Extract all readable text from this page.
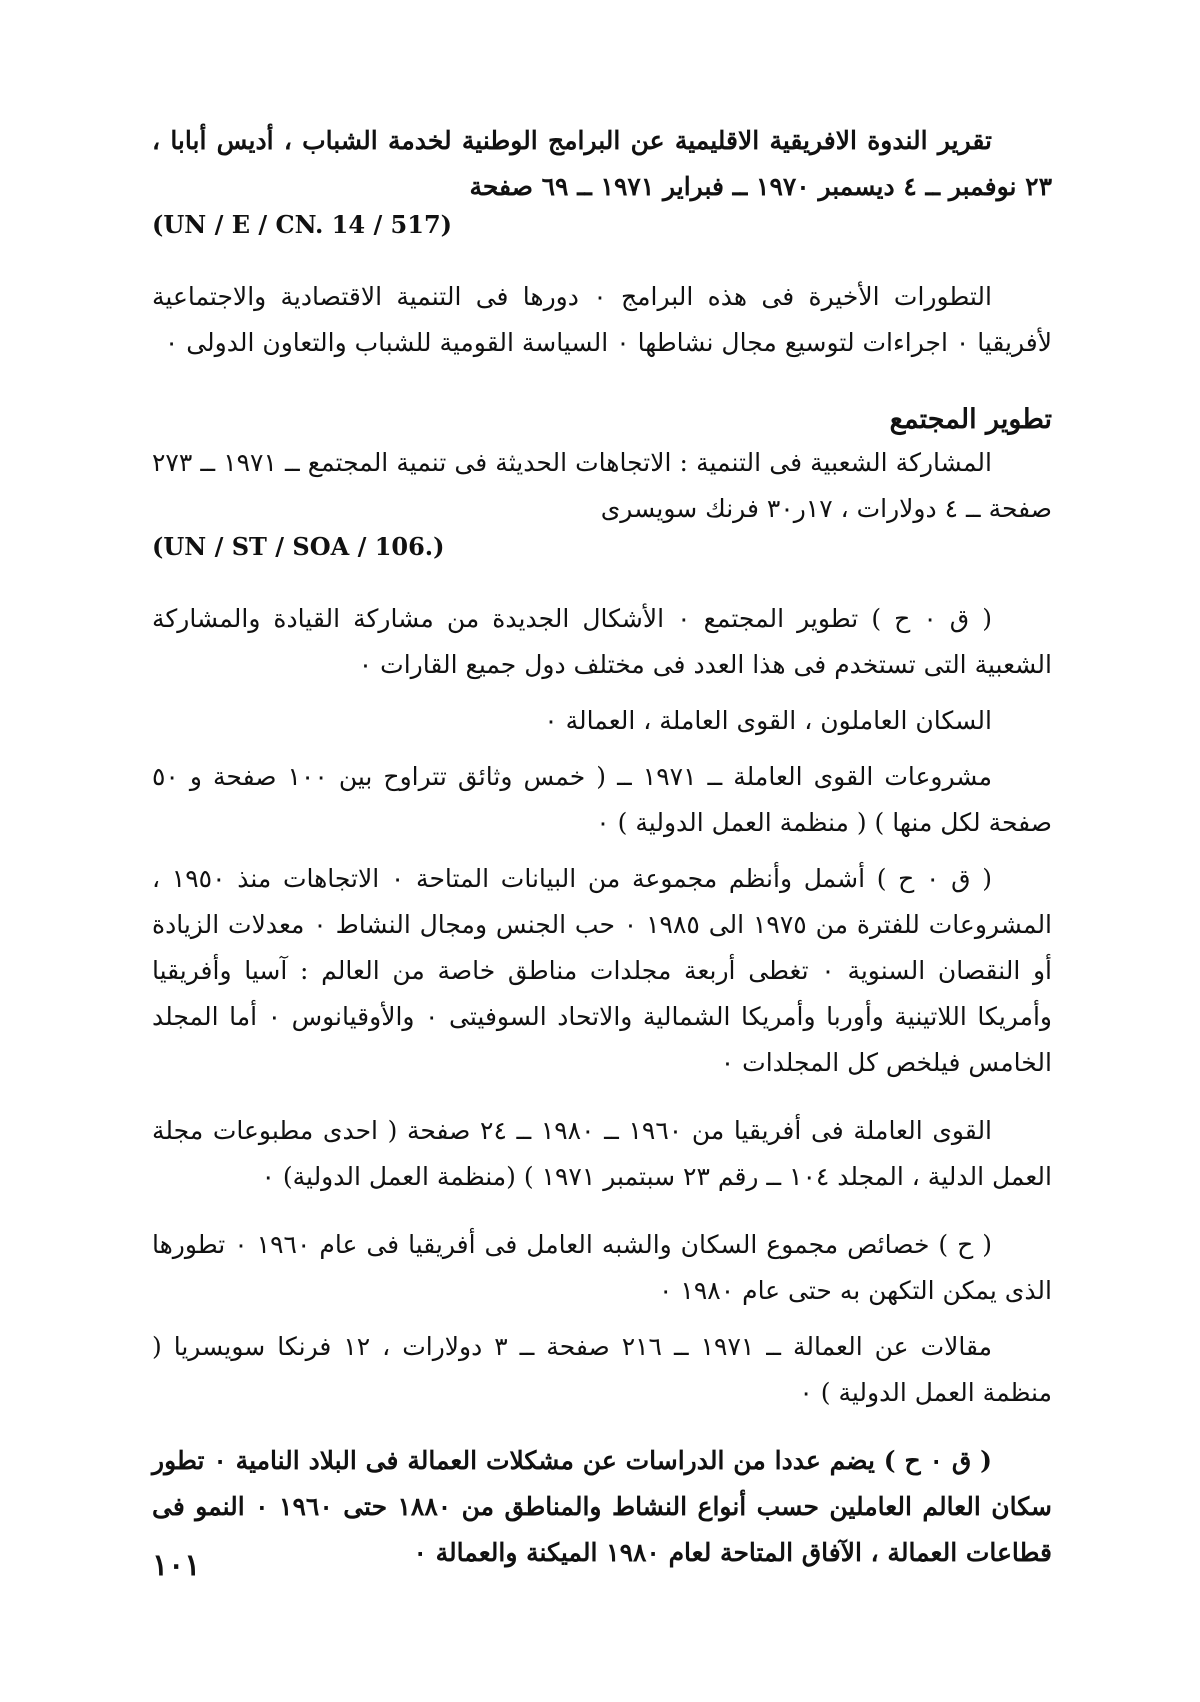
تقرير الندوة الافريقية الاقليمية عن البرامج الوطنية لخدمة الشباب ، أديس أبابا ، ٢٣ نوفمبر ــ ٤ ديسمبر ١٩٧٠ ــ فبراير ١٩٧١ ــ ٦٩ صفحة

(UN / E / CN. 14 / 517)

التطورات الأخيرة فى هذه البرامج ٠ دورها فى التنمية الاقتصادية والاجتماعية لأفريقيا ٠ اجراءات لتوسيع مجال نشاطها ٠ السياسة القومية للشباب والتعاون الدولى ٠

تطوير المجتمع

المشاركة الشعبية فى التنمية : الاتجاهات الحديثة فى تنمية المجتمع ــ ١٩٧١ ــ ٢٧٣ صفحة ــ ٤ دولارات ، ١٧ر٣٠ فرنك سويسرى

(UN / ST / SOA / 106.)

( ق ٠ ح ) تطوير المجتمع ٠ الأشكال الجديدة من مشاركة القيادة والمشاركة الشعبية التى تستخدم فى هذا العدد فى مختلف دول جميع القارات ٠

السكان العاملون ، القوى العاملة ، العمالة ٠

مشروعات القوى العاملة ــ ١٩٧١ ــ ( خمس وثائق تتراوح بين ١٠٠ صفحة و ٥٠ صفحة لكل منها ) ( منظمة العمل الدولية ) ٠

( ق ٠ ح ) أشمل وأنظم مجموعة من البيانات المتاحة ٠ الاتجاهات منذ ١٩٥٠ ، المشروعات للفترة من ١٩٧٥ الى ١٩٨٥ ٠ حب الجنس ومجال النشاط ٠ معدلات الزيادة أو النقصان السنوية ٠ تغطى أربعة مجلدات مناطق خاصة من العالم : آسيا وأفريقيا وأمريكا اللاتينية وأوربا وأمريكا الشمالية والاتحاد السوفيتى ٠ والأوقيانوس ٠ أما المجلد الخامس فيلخص كل المجلدات ٠

القوى العاملة فى أفريقيا من ١٩٦٠ ــ ١٩٨٠ ــ ٢٤ صفحة ( احدى مطبوعات مجلة العمل الدلية ، المجلد ١٠٤ ــ رقم ٢٣ سبتمبر ١٩٧١ ) (منظمة العمل الدولية) ٠

( ح ) خصائص مجموع السكان والشبه العامل فى أفريقيا فى عام ١٩٦٠ ٠ تطورها الذى يمكن التكهن به حتى عام ١٩٨٠ ٠

مقالات عن العمالة ــ ١٩٧١ ــ ٢١٦ صفحة ــ ٣ دولارات ، ١٢ فرنكا سويسريا ( منظمة العمل الدولية ) ٠

( ق ٠ ح ) يضم عددا من الدراسات عن مشكلات العمالة فى البلاد النامية ٠ تطور سكان العالم العاملين حسب أنواع النشاط والمناطق من ١٨٨٠ حتى ١٩٦٠ ٠ النمو فى قطاعات العمالة ، الآفاق المتاحة لعام ١٩٨٠ الميكنة والعمالة ٠

١٠١
